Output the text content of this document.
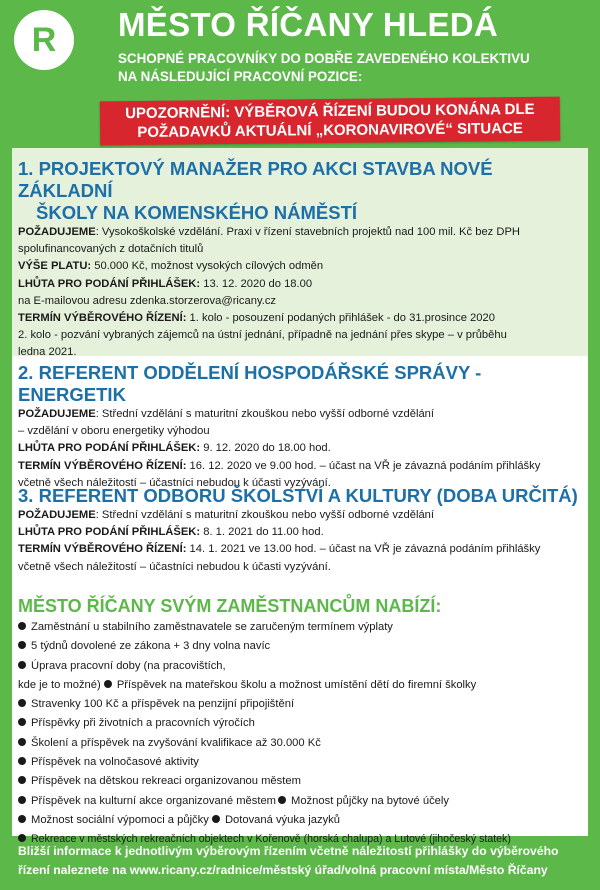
R MĚSTO ŘÍČANY HLEDÁ
SCHOPNÉ PRACOVNÍKY DO DOBŘE ZAVEDENÉHO KOLEKTIVU
NA NÁSLEDUJÍCÍ PRACOVNÍ POZICE:
UPOZORNĚNÍ: VÝBĚROVÁ ŘÍZENÍ BUDOU KONÁNA DLE
POŽADAVKŮ AKTUÁLNÍ „KORONAVIROVÉ“ SITUACE

1. PROJEKTOVÝ MANAŽER PRO AKCI STAVBA NOVÉ ZÁKLADNÍ
ŠKOLY NA KOMENSKÉHO NÁMĚSTÍ

POŽADUJEME: Vysokoškolské vzdělání. Praxi v řízení stavebních projektů nad 100 mil. Kč bez DPH

spolufinancovaných z dotačních titulů

VÝŠE PLATU: 50.000 Kč, možnost vysokých cílových odměn

LHŮTA PRO PODÁNÍ PŘIHLÁŠEK: 13. 12. 2020 do 18.00

na E-mailovou adresu zdenka.storzerova@ricany.cz

TERMÍN VÝBĚROVÉHO ŘÍZENÍ: 1. kolo - posouzení podaných přihlášek - do 31.prosince 2020

2. kolo - pozvání vybraných zájemců na ústní jednání, případně na jednání přes skype – v průběhu

ledna 2021.

2. REFERENT ODDĚLENÍ HOSPODÁŘSKÉ SPRÁVY - ENERGETIK

POŽADUJEME: Střední vzdělání s maturitní zkouškou nebo vyšší odborné vzdělání

– vzdělání v oboru energetiky výhodou

LHŮTA PRO PODÁNÍ PŘIHLÁŠEK: 9. 12. 2020 do 18.00 hod.

TERMÍN VÝBĚROVÉHO ŘÍZENÍ: 16. 12. 2020 ve 9.00 hod. – účast na VŘ je závazná podáním přihlášky

včetně všech náležitostí – účastníci nebudou k účasti vyzývání.

3. REFERENT ODBORU ŠKOLSTVÍ A KULTURY (DOBA URČITÁ)

POŽADUJEME: Střední vzdělání s maturitní zkouškou nebo vyšší odborné vzdělání

LHŮTA PRO PODÁNÍ PŘIHLÁŠEK: 8. 1. 2021 do 11.00 hod.

TERMÍN VÝBĚROVÉHO ŘÍZENÍ: 14. 1. 2021 ve 13.00 hod. – účast na VŘ je závazná podáním přihlášky

včetně všech náležitostí – účastníci nebudou k účasti vyzývání.

MĚSTO ŘÍČANY SVÝM ZAMĚSTNANCŮM NABÍZÍ:

Zaměstnání u stabilního zaměstnavatele se zaručeným termínem výplaty

5 týdnů dovolené ze zákona + 3 dny volna navíc

Úprava pracovní doby (na pracovištích,

kde je to možné) Příspěvek na mateřskou školu a možnost umístění dětí do firemní školky

Stravenky 100 Kč a příspěvek na penzijní připojištění

Příspěvky při životních a pracovních výročích

Školení a příspěvek na zvyšování kvalifikace až 30.000 Kč

Příspěvek na volnočasové aktivity

Příspěvek na dětskou rekreaci organizovanou městem

Příspěvek na kulturní akce organizované městem Možnost půjčky na bytové účely

Možnost sociální výpomoci a půjčky Dotovaná výuka jazyků

Rekreace v městských rekreačních objektech v Kořenově (horská chalupa) a Lutové (jihočeský statek)

Bližší informace k jednotlivým výběrovým řízením včetně náležitostí přihlášky do výběrového
řízení naleznete na www.ricany.cz/radnice/městský úřad/volná pracovní místa/Město Říčany
